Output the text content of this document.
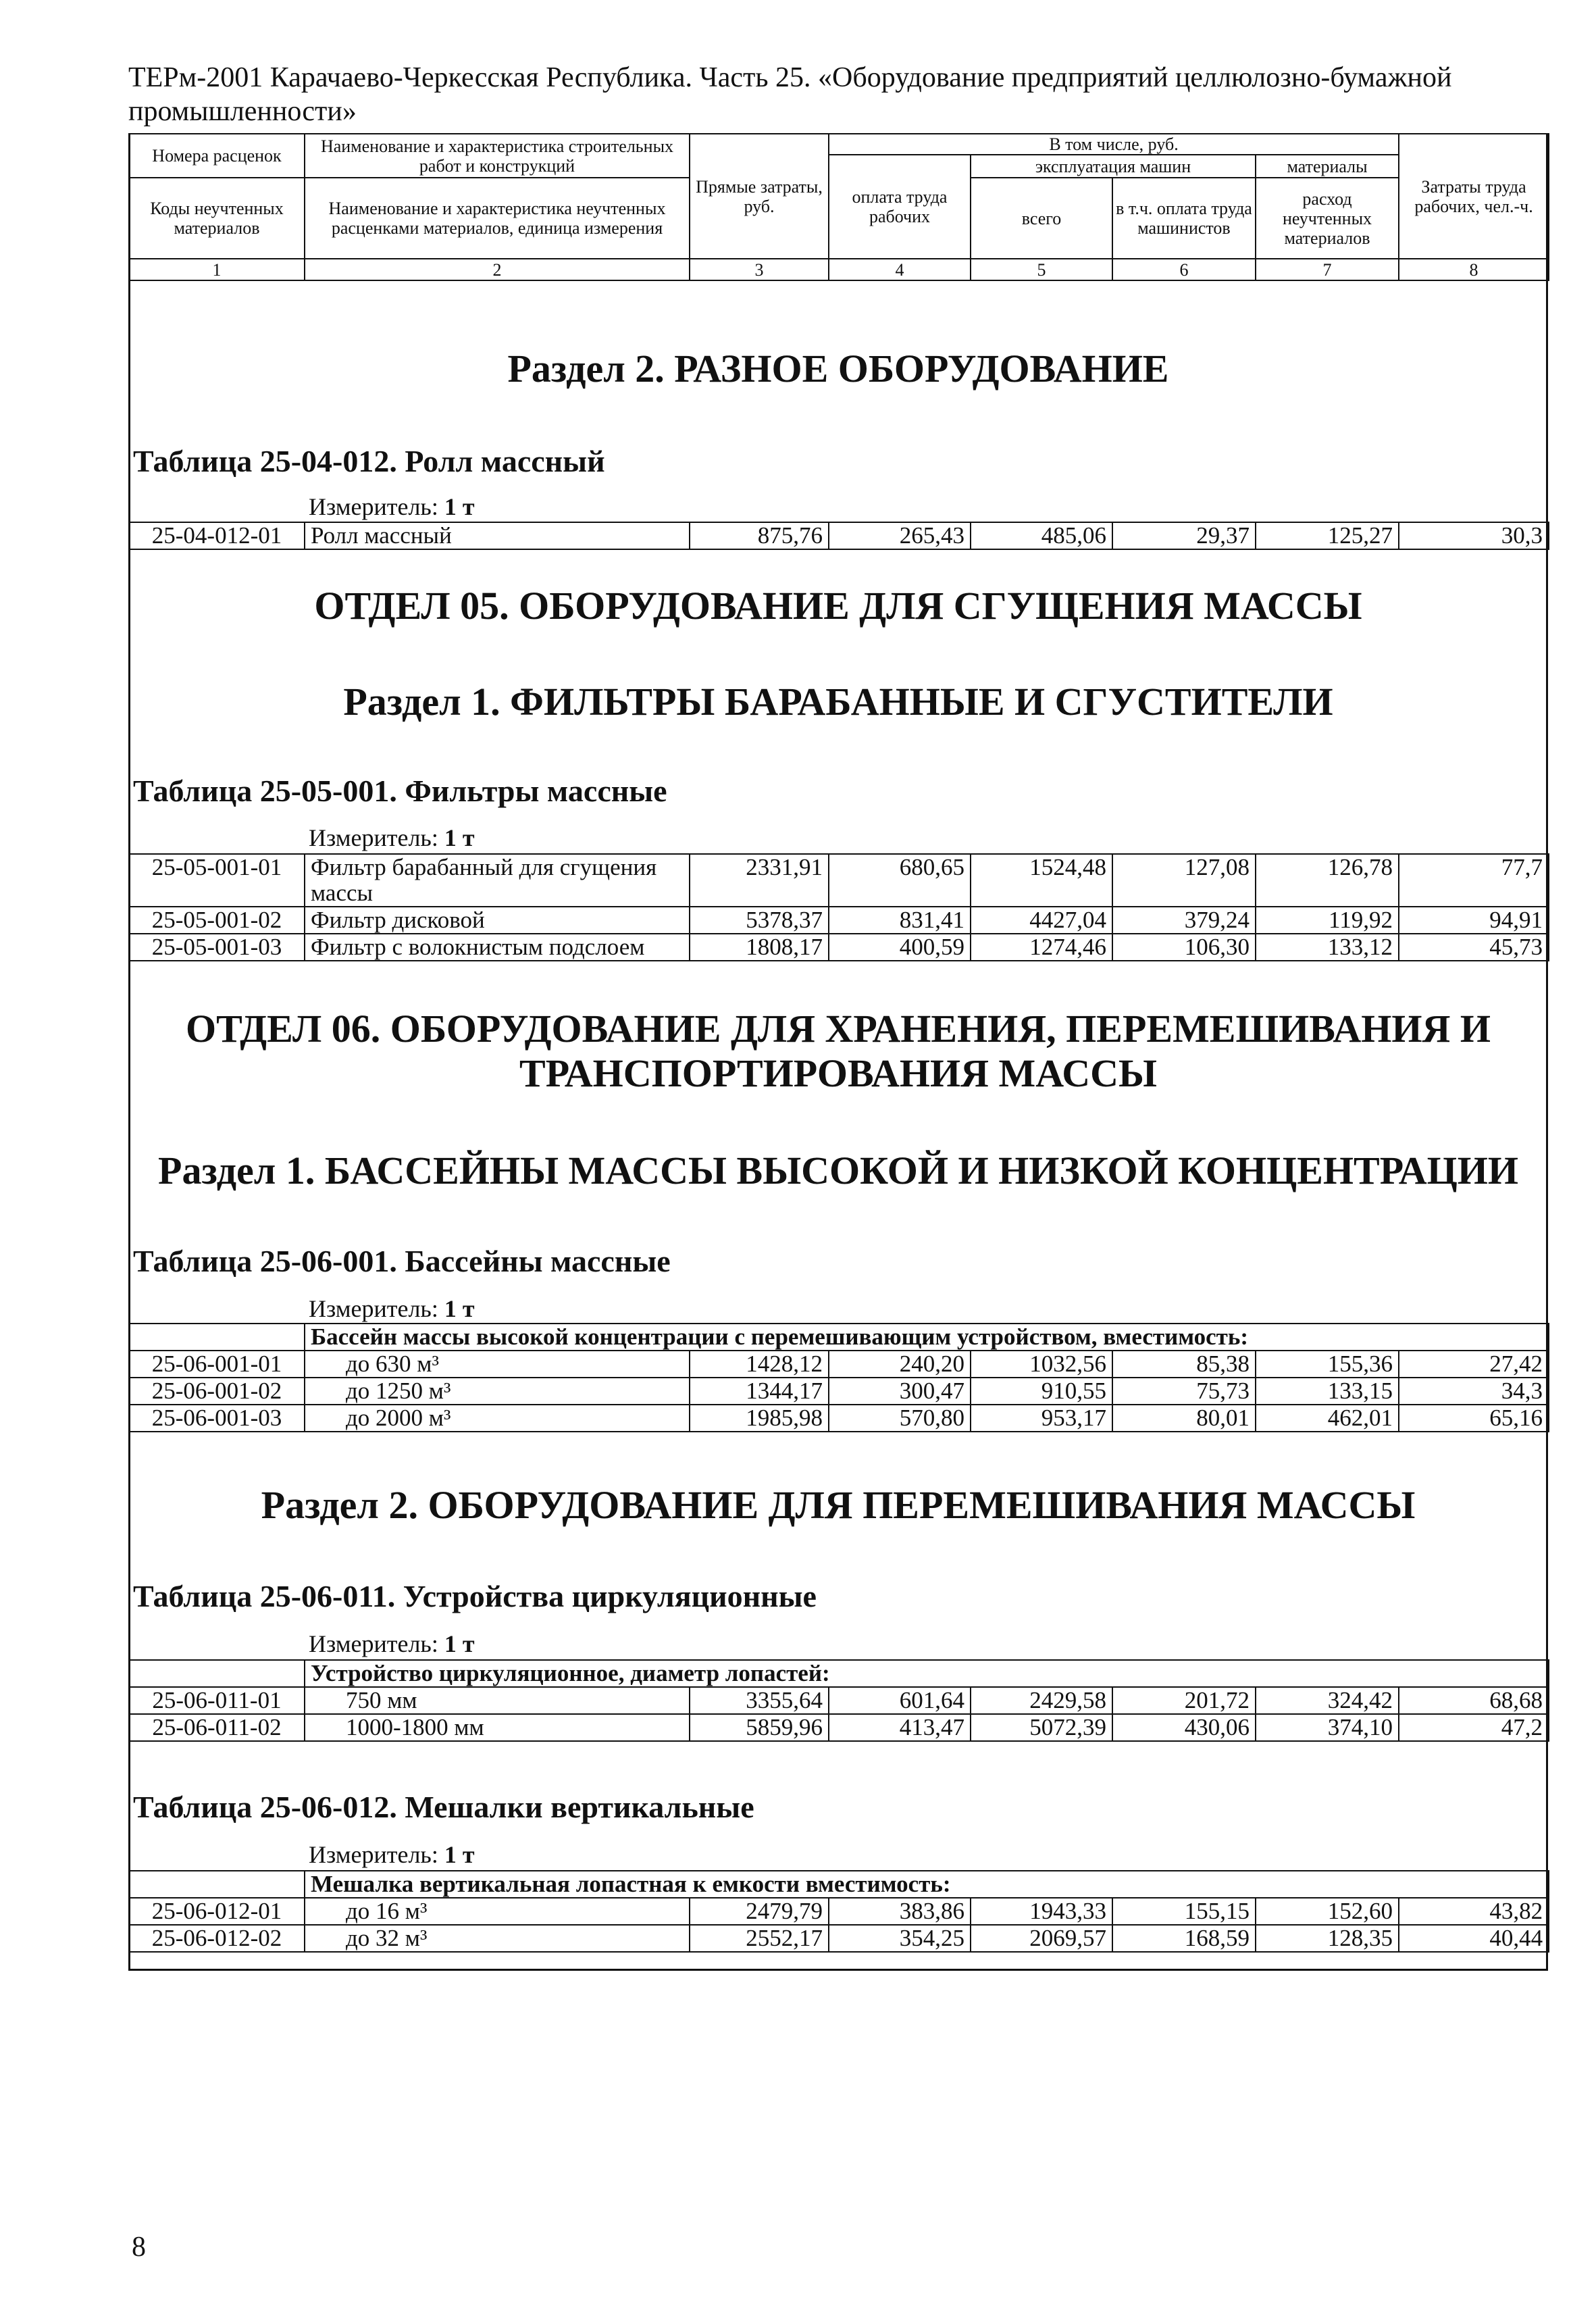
ТЕРм-2001 Карачаево-Черкесская Республика. Часть 25. «Оборудование предприятий целлюлозно-бумажной
промышленности»
Номера расценок	Наименование и характеристика строительных работ и конструкций	Прямые затраты, руб.	В том числе, руб.				Затраты труда рабочих, чел.-ч.
			оплата труда рабочих	эксплуатация машин		материалы	
Коды неучтенных материалов	Наименование и характеристика неучтенных расценками материалов, единица измерения			всего	в т.ч. оплата труда машинистов	расход неучтенных материалов	

1	2	3	4	5	6	7	8
Раздел 2. РАЗНОЕ ОБОРУДОВАНИЕ
Таблица 25-04-012. Ролл массный
Измеритель: 1 т
25-04-012-01	Ролл массный	875,76	265,43	485,06	29,37	125,27	30,3
ОТДЕЛ 05. ОБОРУДОВАНИЕ ДЛЯ СГУЩЕНИЯ МАССЫ
Раздел 1. ФИЛЬТРЫ БАРАБАННЫЕ И СГУСТИТЕЛИ
Таблица 25-05-001. Фильтры массные
Измеритель: 1 т
25-05-001-01	Фильтр барабанный для сгущения
массы	2331,91	680,65	1524,48	127,08	126,78	77,7
25-05-001-02	Фильтр дисковой	5378,37	831,41	4427,04	379,24	119,92	94,91
25-05-001-03	Фильтр с волокнистым подслоем	1808,17	400,59	1274,46	106,30	133,12	45,73
ОТДЕЛ 06. ОБОРУДОВАНИЕ ДЛЯ ХРАНЕНИЯ, ПЕРЕМЕШИВАНИЯ И
ТРАНСПОРТИРОВАНИЯ МАССЫ
Раздел 1. БАССЕЙНЫ МАССЫ ВЫСОКОЙ И НИЗКОЙ КОНЦЕНТРАЦИИ
Таблица 25-06-001. Бассейны массные
Измеритель: 1 т
	Бассейн массы высокой концентрации с перемешивающим устройством, вместимость:						
25-06-001-01	до 630 м³	1428,12	240,20	1032,56	85,38	155,36	27,42
25-06-001-02	до 1250 м³	1344,17	300,47	910,55	75,73	133,15	34,3
25-06-001-03	до 2000 м³	1985,98	570,80	953,17	80,01	462,01	65,16
Раздел 2. ОБОРУДОВАНИЕ ДЛЯ ПЕРЕМЕШИВАНИЯ МАССЫ
Таблица 25-06-011. Устройства циркуляционные
Измеритель: 1 т
	Устройство циркуляционное, диаметр лопастей:						
25-06-011-01	750 мм	3355,64	601,64	2429,58	201,72	324,42	68,68
25-06-011-02	1000-1800 мм	5859,96	413,47	5072,39	430,06	374,10	47,2
Таблица 25-06-012. Мешалки вертикальные
Измеритель: 1 т
	Мешалка вертикальная лопастная к емкости вместимость:						
25-06-012-01	до 16 м³	2479,79	383,86	1943,33	155,15	152,60	43,82
25-06-012-02	до 32 м³	2552,17	354,25	2069,57	168,59	128,35	40,44
8
